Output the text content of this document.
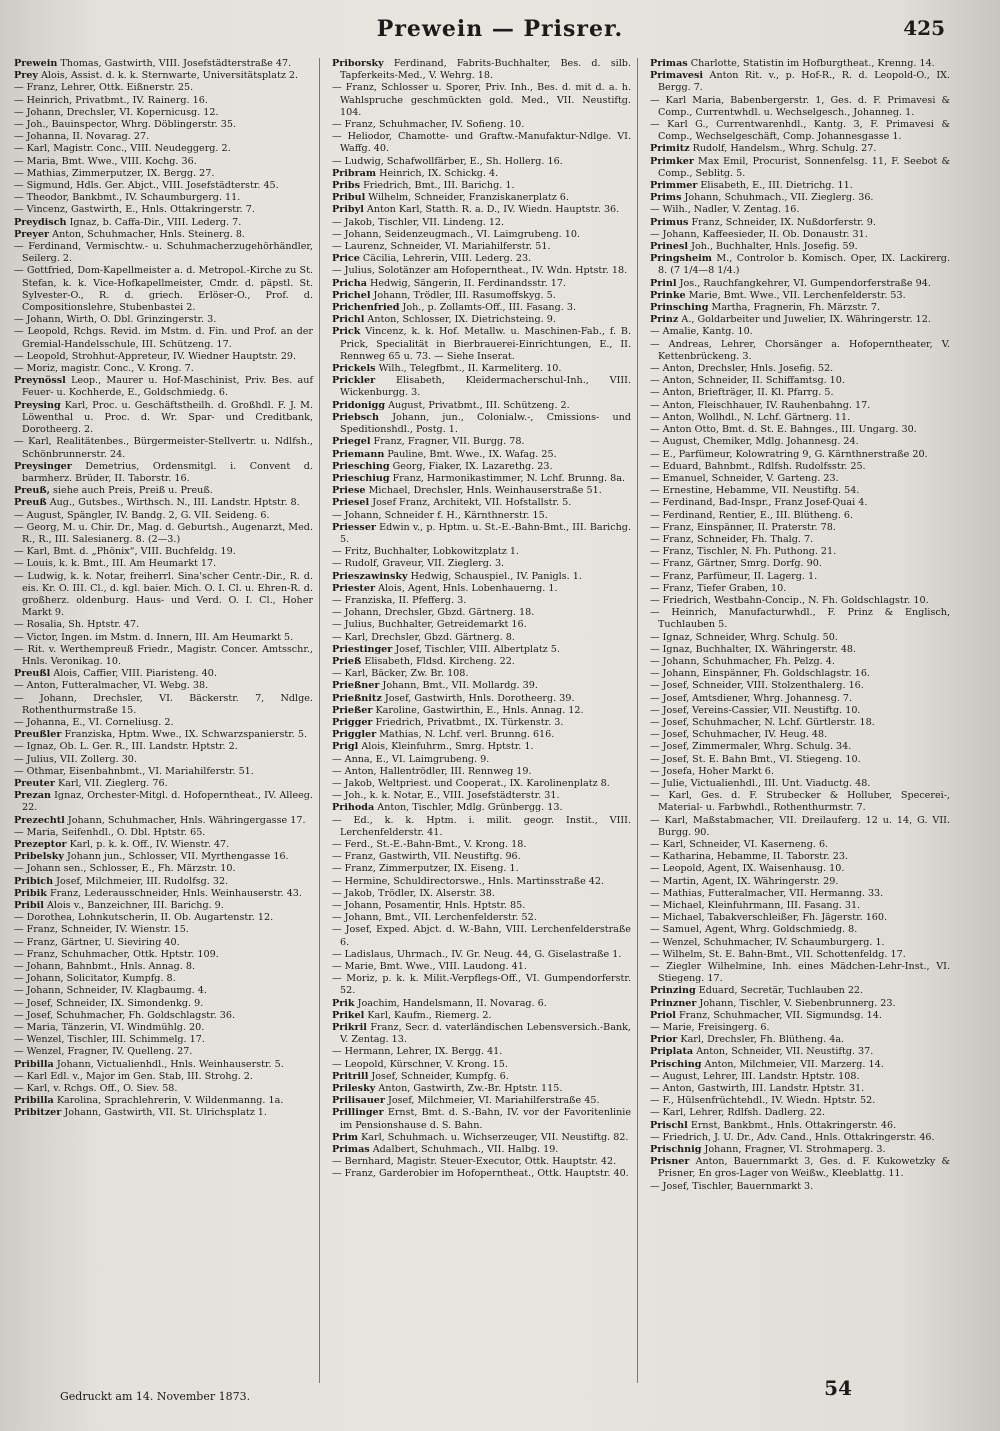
Prewein — Prisrer.	425
Prewein Thomas, Gastwirth, VIII. Josefstädterstraße 47.
Prey Alois, Assist. d. k. k. Sternwarte, Universitätsplatz 2.
— Franz, Lehrer, Ottk. Eißnerstr. 25.
— Heinrich, Privatbmt., IV. Rainerg. 16.
— Johann, Drechsler, VI. Kopernicusg. 12.
— Joh., Bauinspector, Whrg. Döblingerstr. 35.
— Johanna, II. Novarag. 27.
— Karl, Magistr. Conc., VIII. Neudeggerg. 2.
— Maria, Bmt. Wwe., VIII. Kochg. 36.
— Mathias, Zimmerputzer, IX. Bergg. 27.
— Sigmund, Hdls. Ger. Abjct., VIII. Josefstädterstr. 45.
— Theodor, Bankbmt., IV. Schaumburgerg. 11.
— Vincenz, Gastwirth, E., Hnls. Ottakringerstr. 7.
Preydisch Ignaz, b. Caffa-Dir., VIII. Lederg. 7.
Preyer Anton, Schuhmacher, Hnls. Steinerg. 8.
— Ferdinand, Vermischtw.- u. Schuhmacherzugehörhändler, Seilerg. 2.
— Gottfried, Dom-Kapellmeister a. d. Metropol.-Kirche zu St. Stefan, k. k. Vice-Hofkapellmeister, Cmdr. d. päpstl. St. Sylvester-O., R. d. griech. Erlöser-O., Prof. d. Compositionslehre, Stubenbastei 2.
— Johann, Wirth, O. Dbl. Grinzingerstr. 3.
— Leopold, Rchgs. Revid. im Mstm. d. Fin. und Prof. an der Gremial-Handelsschule, III. Schützeng. 17.
— Leopold, Strohhut-Appreteur, IV. Wiedner Hauptstr. 29.
— Moriz, magistr. Conc., V. Krong. 7.
Preynössl Leop., Maurer u. Hof-Maschinist, Priv. Bes. auf Feuer- u. Kochherde, E., Goldschmiedg. 6.
Preysing Karl, Proc. u. Geschäftstheilh. d. Großhdl. F. J. M. Löwenthal u. Proc. d. Wr. Spar- und Creditbank, Dorotheerg. 2.
— Karl, Realitätenbes., Bürgermeister-Stellvertr. u. Ndlfsh., Schönbrunnerstr. 24.
Preysinger Demetrius, Ordensmitgl. i. Convent d. barmherz. Brüder, II. Taborstr. 16.
Preuß, siehe auch Preis, Preiß u. Preuß.
Preuß Aug., Gutsbes., Wirthsch. N., III. Landstr. Hptstr. 8.
— August, Spängler, IV. Bandg. 2, G. VII. Seideng. 6.
— Georg, M. u. Chir. Dr., Mag. d. Geburtsh., Augenarzt, Med. R., R., III. Salesianerg. 8. (2—3.)
— Karl, Bmt. d. „Phönix“, VIII. Buchfeldg. 19.
— Louis, k. k. Bmt., III. Am Heumarkt 17.
— Ludwig, k. k. Notar, freiherrl. Sina'scher Centr.-Dir., R. d. eis. Kr. O. III. Cl., d. kgl. baier. Mich. O. I. Cl. u. Ehren-R. d. großherz. oldenburg. Haus- und Verd. O. I. Cl., Hoher Markt 9.
— Rosalia, Sh. Hptstr. 47.
— Victor, Ingen. im Mstm. d. Innern, III. Am Heumarkt 5.
— Rit. v. Werthempreuß Friedr., Magistr. Concer. Amtsschr., Hnls. Veronikag. 10.
Preußl Alois, Caffier, VIII. Piaristeng. 40.
— Anton, Futteralmacher, VI. Webg. 38.
— Johann, Drechsler, VI. Bäckerstr. 7, Ndlge. Rothenthurmstraße 15.
— Johanna, E., VI. Corneliusg. 2.
Preußler Franziska, Hptm. Wwe., IX. Schwarzspanierstr. 5.
— Ignaz, Ob. L. Ger. R., III. Landstr. Hptstr. 2.
— Julius, VII. Zollerg. 30.
— Othmar, Eisenbahnbmt., VI. Mariahilferstr. 51.
Preuter Karl, VII. Zieglerg. 76.
Prezan Ignaz, Orchester-Mitgl. d. Hofoperntheat., IV. Alleeg. 22.
Prezechtl Johann, Schuhmacher, Hnls. Währingergasse 17.
— Maria, Seifenhdl., O. Dbl. Hptstr. 65.
Prezeptor Karl, p. k. k. Off., IV. Wienstr. 47.
Pribelsky Johann jun., Schlosser, VII. Myrthengasse 16.
— Johann sen., Schlosser, E., Fh. Märzstr. 10.
Pribich Josef, Milchmeier, III. Rudolfsg. 32.
Pribik Franz, Lederausschneider, Hnls. Weinhauserstr. 43.
Pribil Alois v., Banzeichner, III. Barichg. 9.
— Dorothea, Lohnkutscherin, II. Ob. Augartenstr. 12.
— Franz, Schneider, IV. Wienstr. 15.
— Franz, Gärtner, U. Sieviring 40.
— Franz, Schuhmacher, Ottk. Hptstr. 109.
— Johann, Bahnbmt., Hnls. Annag. 8.
— Johann, Solicitator, Kumpfg. 8.
— Johann, Schneider, IV. Klagbaumg. 4.
— Josef, Schneider, IX. Simondenkg. 9.
— Josef, Schuhmacher, Fh. Goldschlagstr. 36.
— Maria, Tänzerin, VI. Windmühlg. 20.
— Wenzel, Tischler, III. Schimmelg. 17.
— Wenzel, Fragner, IV. Quelleng. 27.
Pribilla Johann, Victualienhdl., Hnls. Weinhauserstr. 5.
— Karl Edl. v., Major im Gen. Stab, III. Strohg. 2.
— Karl, v. Rchgs. Off., O. Siev. 58.
Pribilla Karolina, Sprachlehrerin, V. Wildenmanng. 1a.
Pribitzer Johann, Gastwirth, VII. St. Ulrichsplatz 1.
Priborsky Ferdinand, Fabrits-Buchhalter, Bes. d. silb. Tapferkeits-Med., V. Wehrg. 18.
— Franz, Schlosser u. Sporer, Priv. Inh., Bes. d. mit d. a. h. Wahlspruche geschmückten gold. Med., VII. Neustiftg. 104.
— Franz, Schuhmacher, IV. Sofieng. 10.
— Heliodor, Chamotte- und Graftw.-Manufaktur-Ndlge. VI. Waffg. 40.
— Ludwig, Schafwollfärber, E., Sh. Hollerg. 16.
Pribram Heinrich, IX. Schickg. 4.
Pribs Friedrich, Bmt., III. Barichg. 1.
Pribul Wilhelm, Schneider, Franziskanerplatz 6.
Pribyl Anton Karl, Statth. R. a. D., IV. Wiedn. Hauptstr. 36.
— Jakob, Tischler, VII. Lindeng. 12.
— Johann, Seidenzeugmach., VI. Laimgrubeng. 10.
— Laurenz, Schneider, VI. Mariahilferstr. 51.
Price Cäcilia, Lehrerin, VIII. Lederg. 23.
— Julius, Solotänzer am Hofoperntheat., IV. Wdn. Hptstr. 18.
Pricha Hedwig, Sängerin, II. Ferdinandsstr. 17.
Prichel Johann, Trödler, III. Rasumoffskyg. 5.
Prichenfried Joh., p. Zollamts-Off., III. Fasang. 3.
Prichl Anton, Schlosser, IX. Dietrichsteing. 9.
Prick Vincenz, k. k. Hof. Metallw. u. Maschinen-Fab., f. B. Prick, Specialität in Bierbrauerei-Einrichtungen, E., II. Rennweg 65 u. 73. — Siehe Inserat.
Prickels Wilh., Telegfbmt., II. Karmeliterg. 10.
Prickler Elisabeth, Kleidermacherschul-Inh., VIII. Wickenburgg. 3.
Pridonigg August, Privatbmt., III. Schützeng. 2.
Priebsch Johann, jun., Colonialw.-, Cmissions- und Speditionshdl., Postg. 1.
Priegel Franz, Fragner, VII. Burgg. 78.
Priemann Pauline, Bmt. Wwe., IX. Wafag. 25.
Priesching Georg, Fiaker, IX. Lazarethg. 23.
Prieschiug Franz, Harmonikastimmer, N. Lchf. Brunng. 8a.
Priese Michael, Drechsler, Hnls. Weinhauserstraße 51.
Priesel Josef Franz, Architekt, VII. Hofstallstr. 5.
— Johann, Schneider f. H., Kärnthnerstr. 15.
Priesser Edwin v., p. Hptm. u. St.-E.-Bahn-Bmt., III. Barichg. 5.
— Fritz, Buchhalter, Lobkowitzplatz 1.
— Rudolf, Graveur, VII. Zieglerg. 3.
Prieszawinsky Hedwig, Schauspiel., IV. Panigls. 1.
Priester Alois, Agent, Hnls. Lobenhauerng. 1.
— Franziska, II. Pfefferg. 3.
— Johann, Drechsler, Gbzd. Gärtnerg. 18.
— Julius, Buchhalter, Getreidemarkt 16.
— Karl, Drechsler, Gbzd. Gärtnerg. 8.
Priestinger Josef, Tischler, VIII. Albertplatz 5.
Prieß Elisabeth, Fldsd. Kircheng. 22.
— Karl, Bäcker, Zw. Br. 108.
Prießner Johann, Bmt., VII. Mollardg. 39.
Prießnitz Josef, Gastwirth, Hnls. Dorotheerg. 39.
Prießer Karoline, Gastwirthin, E., Hnls. Annag. 12.
Prigger Friedrich, Privatbmt., IX. Türkenstr. 3.
Priggler Mathias, N. Lchf. verl. Brunng. 616.
Prigl Alois, Kleinfuhrm., Smrg. Hptstr. 1.
— Anna, E., VI. Laimgrubeng. 9.
— Anton, Hallentrödler, III. Rennweg 19.
— Jakob, Weltpriest. und Cooperat., IX. Karolinenplatz 8.
— Joh., k. k. Notar, E., VIII. Josefstädterstr. 31.
Prihoda Anton, Tischler, Mdlg. Grünbergg. 13.
— Ed., k. k. Hptm. i. milit. geogr. Instit., VIII. Lerchenfelderstr. 41.
— Ferd., St.-E.-Bahn-Bmt., V. Krong. 18.
— Franz, Gastwirth, VII. Neustiftg. 96.
— Franz, Zimmerputzer, IX. Eiseng. 1.
— Hermine, Schuldirectorswe., Hnls. Martinsstraße 42.
— Jakob, Trödler, IX. Alserstr. 38.
— Johann, Posamentir, Hnls. Hptstr. 85.
— Johann, Bmt., VII. Lerchenfelderstr. 52.
— Josef, Exped. Abjct. d. W.-Bahn, VIII. Lerchenfelderstraße 6.
— Ladislaus, Uhrmach., IV. Gr. Neug. 44, G. Giselastraße 1.
— Marie, Bmt. Wwe., VIII. Laudong. 41.
— Moriz, p. k. k. Milit.-Verpflegs-Off., VI. Gumpendorferstr. 52.
Prik Joachim, Handelsmann, II. Novarag. 6.
Prikel Karl, Kaufm., Riemerg. 2.
Prikril Franz, Secr. d. vaterländischen Lebensversich.-Bank, V. Zentag. 13.
— Hermann, Lehrer, IX. Bergg. 41.
— Leopold, Kürschner, V. Krong. 15.
Pritrill Josef, Schneider, Kumpfg. 6.
Prilesky Anton, Gastwirth, Zw.-Br. Hptstr. 115.
Prilisauer Josef, Milchmeier, VI. Mariahilferstraße 45.
Prillinger Ernst, Bmt. d. S.-Bahn, IV. vor der Favoritenlinie im Pensionshause d. S. Bahn.
Prim Karl, Schuhmach. u. Wichserzeuger, VII. Neustiftg. 82.
Primas Adalbert, Schuhmach., VII. Halbg. 19.
— Bernhard, Magistr. Steuer-Executor, Ottk. Hauptstr. 42.
— Franz, Garderobier im Hofoperntheat., Ottk. Hauptstr. 40.
Primas Charlotte, Statistin im Hofburgtheat., Krenng. 14.
Primavesi Anton Rit. v., p. Hof-R., R. d. Leopold-O., IX. Bergg. 7.
— Karl Maria, Babenbergerstr. 1, Ges. d. F. Primavesi & Comp., Currentwhdl. u. Wechselgesch., Johanneg. 1.
— Karl G., Currentwarenhdl., Kantg. 3, F. Primavesi & Comp., Wechselgeschäft, Comp. Johannesgasse 1.
Primitz Rudolf, Handelsm., Whrg. Schulg. 27.
Primker Max Emil, Procurist, Sonnenfelsg. 11, F. Seebot & Comp., Seblitg. 5.
Primmer Elisabeth, E., III. Dietrichg. 11.
Prims Johann, Schuhmach., VII. Zieglerg. 36.
— Wilh., Nadler, V. Zentag. 16.
Primus Franz, Schneider, IX. Nußdorferstr. 9.
— Johann, Kaffeesieder, II. Ob. Donaustr. 31.
Prinesl Joh., Buchhalter, Hnls. Josefig. 59.
Pringsheim M., Controlor b. Komisch. Oper, IX. Lackirerg. 8. (7 1/4—8 1/4.)
Prinl Jos., Rauchfangkehrer, VI. Gumpendorferstraße 94.
Prinke Marie, Bmt. Wwe., VII. Lerchenfelderstr. 53.
Prinsching Martha, Fragnerin, Fh. Märzstr. 7.
Prinz A., Goldarbeiter und Juwelier, IX. Währingerstr. 12.
— Amalie, Kantg. 10.
— Andreas, Lehrer, Chorsänger a. Hofoperntheater, V. Kettenbrückeng. 3.
— Anton, Drechsler, Hnls. Josefig. 52.
— Anton, Schneider, II. Schiffamtsg. 10.
— Anton, Briefträger, II. Kl. Pfarrg. 5.
— Anton, Fleischhauer, IV. Rauhenbahng. 17.
— Anton, Wollhdl., N. Lchf. Gärtnerg. 11.
— Anton Otto, Bmt. d. St. E. Bahnges., III. Ungarg. 30.
— August, Chemiker, Mdlg. Johannesg. 24.
— E., Parfümeur, Kolowratring 9, G. Kärnthnerstraße 20.
— Eduard, Bahnbmt., Rdlfsh. Rudolfsstr. 25.
— Emanuel, Schneider, V. Garteng. 23.
— Ernestine, Hebamme, VII. Neustiftg. 54.
— Ferdinand, Bad-Inspr., Franz Josef-Quai 4.
— Ferdinand, Rentier, E., III. Blütheng. 6.
— Franz, Einspänner, II. Praterstr. 78.
— Franz, Schneider, Fh. Thalg. 7.
— Franz, Tischler, N. Fh. Puthong. 21.
— Franz, Gärtner, Smrg. Dorfg. 90.
— Franz, Parfümeur, II. Lagerg. 1.
— Franz, Tiefer Graben, 10.
— Friedrich, Westbahn-Concip., N. Fh. Goldschlagstr. 10.
— Heinrich, Manufacturwhdl., F. Prinz & Englisch, Tuchlauben 5.
— Ignaz, Schneider, Whrg. Schulg. 50.
— Ignaz, Buchhalter, IX. Währingerstr. 48.
— Johann, Schuhmacher, Fh. Pelzg. 4.
— Johann, Einspänner, Fh. Goldschlagstr. 16.
— Josef, Schneider, VIII. Stolzenthalerg. 16.
— Josef, Amtsdiener, Whrg. Johannesg. 7.
— Josef, Vereins-Cassier, VII. Neustiftg. 10.
— Josef, Schuhmacher, N. Lchf. Gürtlerstr. 18.
— Josef, Schuhmacher, IV. Heug. 48.
— Josef, Zimmermaler, Whrg. Schulg. 34.
— Josef, St. E. Bahn Bmt., VI. Stiegeng. 10.
— Josefa, Hoher Markt 6.
— Julie, Victualienhdl., III. Unt. Viaductg. 48.
— Karl, Ges. d. F. Strubecker & Holluber, Specerei-, Material- u. Farbwhdl., Rothenthurmstr. 7.
— Karl, Maßstabmacher, VII. Dreilauferg. 12 u. 14, G. VII. Burgg. 90.
— Karl, Schneider, VI. Kaserneng. 6.
— Katharina, Hebamme, II. Taborstr. 23.
— Leopold, Agent, IX. Waisenhausg. 10.
— Martin, Agent, IX. Währingerstr. 29.
— Mathias, Futteralmacher, VII. Hermanng. 33.
— Michael, Kleinfuhrmann, III. Fasang. 31.
— Michael, Tabakverschleißer, Fh. Jägerstr. 160.
— Samuel, Agent, Whrg. Goldschmiedg. 8.
— Wenzel, Schuhmacher, IV. Schaumburgerg. 1.
— Wilhelm, St. E. Bahn-Bmt., VII. Schottenfeldg. 17.
— Ziegler Wilhelmine, Inh. eines Mädchen-Lehr-Inst., VI. Stiegeng. 17.
Prinzing Eduard, Secretär, Tuchlauben 22.
Prinzner Johann, Tischler, V. Siebenbrunnerg. 23.
Priol Franz, Schuhmacher, VII. Sigmundsg. 14.
— Marie, Freisingerg. 6.
Prior Karl, Drechsler, Fh. Blütheng. 4a.
Priplata Anton, Schneider, VII. Neustiftg. 37.
Prisching Anton, Milchmeier, VII. Marzerg. 14.
— August, Lehrer, III. Landstr. Hptstr. 108.
— Anton, Gastwirth, III. Landstr. Hptstr. 31.
— F., Hülsenfrüchtehdl., IV. Wiedn. Hptstr. 52.
— Karl, Lehrer, Rdlfsh. Dadlerg. 22.
Prischl Ernst, Bankbmt., Hnls. Ottakringerstr. 46.
— Friedrich, J. U. Dr., Adv. Cand., Hnls. Ottakringerstr. 46.
Prischnig Johann, Fragner, VI. Strohmaperg. 3.
Prisner Anton, Bauernmarkt 3, Ges. d. F. Kukowetzky & Prisner, En gros-Lager von Weißw., Kleeblattg. 11.
— Josef, Tischler, Bauernmarkt 3.
Gedruckt am 14. November 1873.	54
